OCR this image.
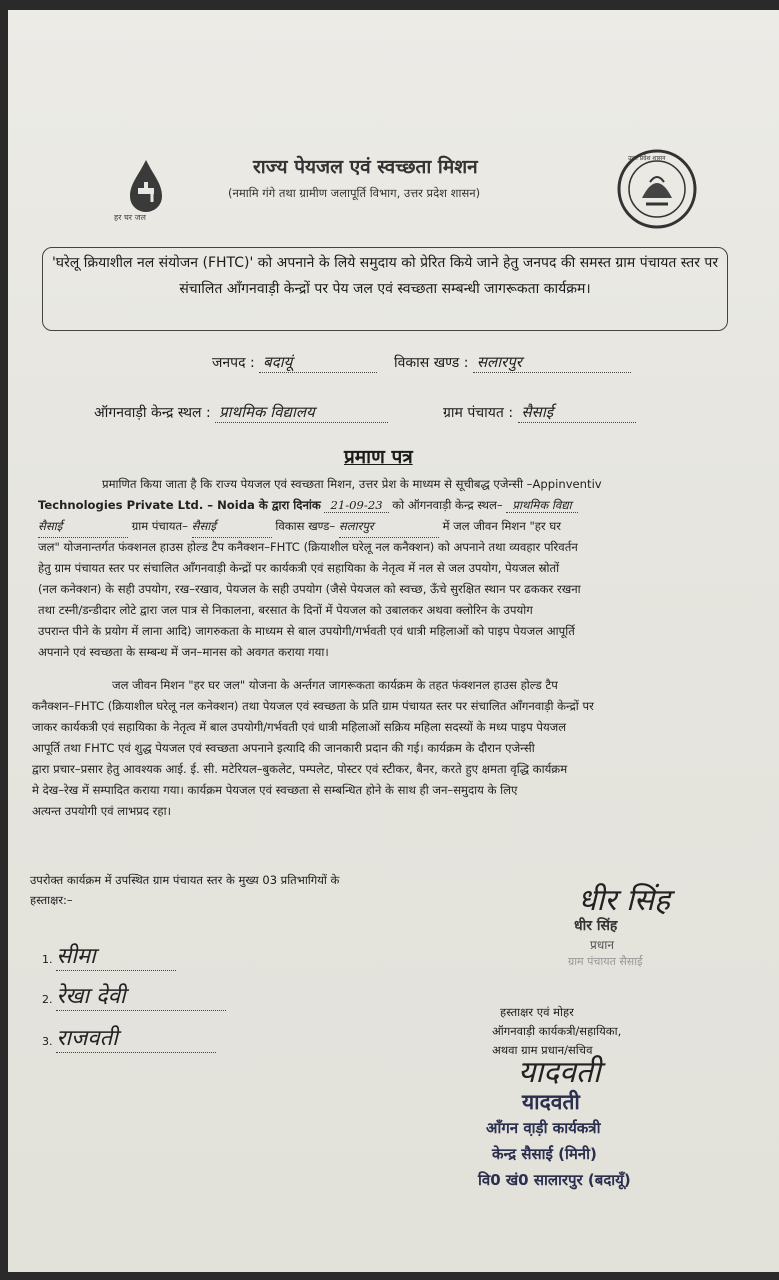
हर घर जल
राज्य पेयजल एवं स्वच्छता मिशन
(नमामि गंगे तथा ग्रामीण जलापूर्ति विभाग, उत्तर प्रदेश शासन)
उत्तर प्रदेश शासन
'घरेलू क्रियाशील नल संयोजन (FHTC)' को अपनाने के लिये समुदाय को प्रेरित किये जाने हेतु जनपद की समस्त ग्राम पंचायत स्तर पर संचालित आँगनवाड़ी केन्द्रों पर पेय जल एवं स्वच्छता सम्बन्धी जागरूकता कार्यक्रम।
जनपद : बदायूं	विकास खण्ड : सलारपुर
ऑगनवाड़ी केन्द्र स्थल : प्राथमिक विद्यालय	ग्राम पंचायत : सैसार्ई
प्रमाण पत्र
प्रमाणित किया जाता है कि राज्य पेयजल एवं स्वच्छता मिशन, उत्तर प्रेश के माध्यम से सूचीबद्ध एजेन्सी –Appinventiv
Technologies Private Ltd. – Noida के द्वारा दिनांक 21-09-23 को ऑगनवाड़ी केन्द्र स्थल– प्राथमिक विद्या
सैसार्ई	ग्राम पंचायत– सैसार्ई	विकास खण्ड– सलारपुर	में जल जीवन मिशन "हर घर
जल" योजनान्तर्गत फंक्शनल हाउस होल्ड टैप कनैक्शन–FHTC (क्रियाशील घरेलू नल कनैक्शन) को अपनाने तथा व्यवहार परिवर्तन
हेतु ग्राम पंचायत स्तर पर संचालित आँगनवाड़ी केन्द्रों पर कार्यकत्री एवं सहायिका के नेतृत्व में नल से जल उपयोग, पेयजल स्रोतों
(नल कनेक्शन) के सही उपयोग, रख–रखाव, पेयजल के सही उपयोग (जैसे पेयजल को स्वच्छ, ऊँचे सुरक्षित स्थान पर ढककर रखना
तथा टस्नी/डन्डीदार लोटे द्वारा जल पात्र से निकालना, बरसात के दिनों में पेयजल को उबालकर अथवा क्लोरिन के उपयोग
उपरान्त पीने के प्रयोग में लाना आदि) जागरुकता के माध्यम से बाल उपयोगी/गर्भवती एवं धात्री महिलाओं को पाइप पेयजल आपूर्ति
अपनाने एवं स्वच्छता के सम्बन्ध में जन–मानस को अवगत कराया गया।
जल जीवन मिशन "हर घर जल" योजना के अर्न्तगत जागरूकता कार्यक्रम के तहत फंक्शनल हाउस होल्ड टैप
कनैक्शन–FHTC (क्रियाशील घरेलू नल कनेक्शन) तथा पेयजल एवं स्वच्छता के प्रति ग्राम पंचायत स्तर पर संचालित आँगनवाड़ी केन्द्रों पर
जाकर कार्यकत्री एवं सहायिका के नेतृत्व में बाल उपयोगी/गर्भवती एवं धात्री महिलाओं सक्रिय महिला सदस्यों के मध्य पाइप पेयजल
आपूर्ति तथा FHTC एवं शुद्ध पेयजल एवं स्वच्छता अपनाने इत्यादि की जानकारी प्रदान की गई। कार्यक्रम के दौरान एजेन्सी
द्वारा प्रचार–प्रसार हेतु आवश्यक आई. ई. सी. मटेरियल–बुकलेट, पम्पलेट, पोस्टर एवं स्टीकर, बैनर, करते हुए क्षमता वृद्धि कार्यक्रम
मे देख–रेख में सम्पादित कराया गया। कार्यक्रम पेयजल एवं स्वच्छता से सम्बन्धित होने के साथ ही जन–समुदाय के लिए
अत्यन्त उपयोगी एवं लाभप्रद रहा।
उपरोक्त कार्यक्रम में उपस्थित ग्राम पंचायत स्तर के मुख्य 03 प्रतिभागियों के
हस्ताक्षर:–
1. सीमा
2. रेखा देवी
3. राजवती
धीर सिंह
धीर सिंह
प्रधान
ग्राम पंचायत सैसार्ई
हस्ताक्षर एवं मोहर
ऑगनवाड़ी कार्यकत्री/सहायिका,
अथवा ग्राम प्रधान/सचिव
यादवती
यादवती
आँगन वा़ड़ी कार्यकत्री
केन्द्र सैसार्ई (मिनी)
वि0 खं0 सालारपुर (बदायूँ)
